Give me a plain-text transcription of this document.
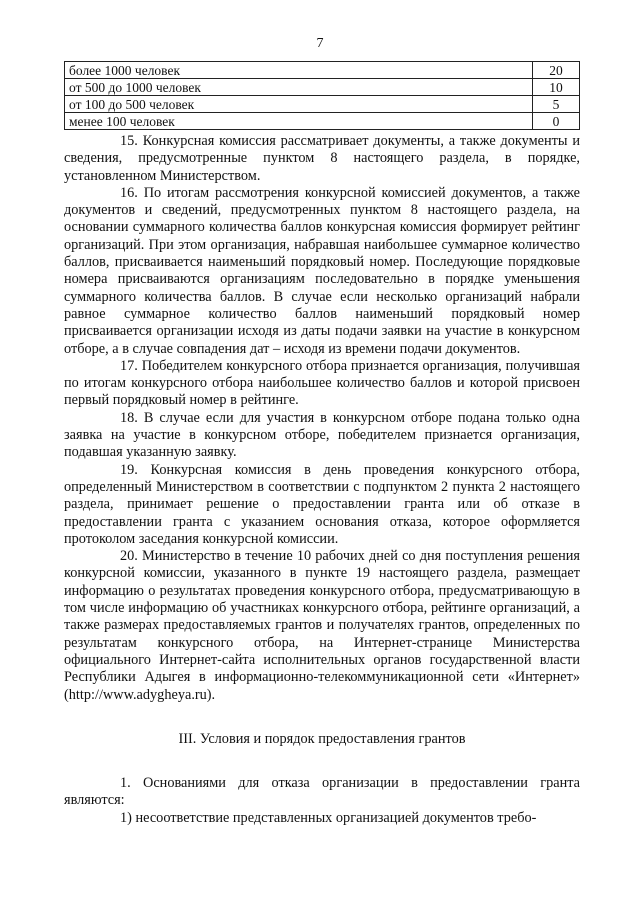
7
более 1000 человек	20
от 500 до 1000 человек	10
от 100 до 500 человек	5
менее 100 человек	0

15. Конкурсная комиссия рассматривает документы, а также документы и сведения, предусмотренные пунктом 8 настоящего раздела, в порядке, установленном Министерством.

16. По итогам рассмотрения конкурсной комиссией документов, а также документов и сведений, предусмотренных пунктом 8 настоящего раздела, на основании суммарного количества баллов конкурсная комиссия формирует рейтинг организаций. При этом организация, набравшая наибольшее суммарное количество баллов, присваивается наименьший порядковый номер. Последующие порядковые номера присваиваются организациям последовательно в порядке уменьшения суммарного количества баллов. В случае если несколько организаций набрали равное суммарное количество баллов наименьший порядковый номер присваивается организации исходя из даты подачи заявки на участие в конкурсном отборе, а в случае совпадения дат – исходя из времени подачи документов.

17. Победителем конкурсного отбора признается организация, получившая по итогам конкурсного отбора наибольшее количество баллов и которой присвоен первый порядковый номер в рейтинге.

18. В случае если для участия в конкурсном отборе подана только одна заявка на участие в конкурсном отборе, победителем признается организация, подавшая указанную заявку.

19. Конкурсная комиссия в день проведения конкурсного отбора, определенный Министерством в соответствии с подпунктом 2 пункта 2 настоящего раздела, принимает решение о предоставлении гранта или об отказе в предоставлении гранта с указанием основания отказа, которое оформляется протоколом заседания конкурсной комиссии.

20. Министерство в течение 10 рабочих дней со дня поступления решения конкурсной комиссии, указанного в пункте 19 настоящего раздела, размещает информацию о результатах проведения конкурсного отбора, предусматривающую в том числе информацию об участниках конкурсного отбора, рейтинге организаций, а также размерах предоставляемых грантов и получателях грантов, определенных по результатам конкурсного отбора, на Интернет-странице Министерства официального Интернет-сайта исполнительных органов государственной власти Республики Адыгея в информационно-телекоммуникационной сети «Интернет» (http://www.adygheya.ru).

III. Условия и порядок предоставления грантов

1. Основаниями для отказа организации в предоставлении гранта являются:

1) несоответствие представленных организацией документов требо-
